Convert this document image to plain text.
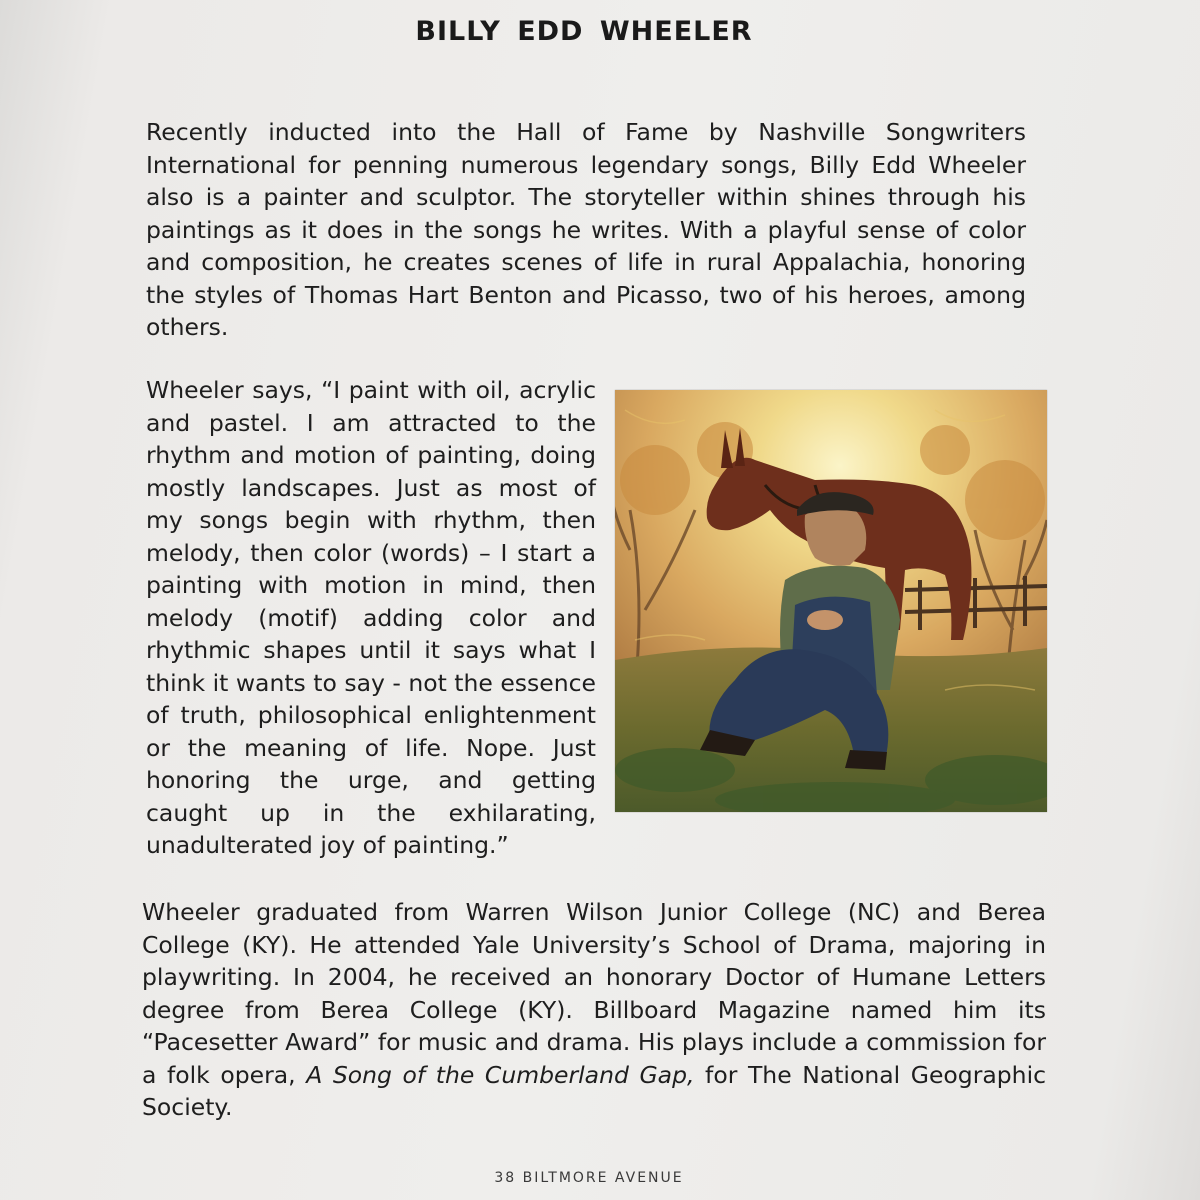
BILLY EDD WHEELER
Recently inducted into the Hall of Fame by Nashville Songwriters International for penning numerous legendary songs, Billy Edd Wheeler also is a painter and sculptor. The storyteller within shines through his paintings as it does in the songs he writes. With a playful sense of color and composition, he creates scenes of life in rural Appalachia, honoring the styles of Thomas Hart Benton and Picasso, two of his heroes, among others.
Wheeler says, “I paint with oil, acrylic and pastel. I am attracted to the rhythm and motion of painting, doing mostly landscapes. Just as most of my songs begin with rhythm, then melody, then color (words) – I start a painting with motion in mind, then melody (motif) adding color and rhythmic shapes until it says what I think it wants to say - not the essence of truth, philosophical enlightenment or the meaning of life. Nope. Just honoring the urge, and getting caught up in the exhilarating, unadulterated joy of painting.”
Wheeler graduated from Warren Wilson Junior College (NC) and Berea College (KY). He attended Yale University’s School of Drama, majoring in playwriting. In 2004, he received an honorary Doctor of Humane Letters degree from Berea College (KY). Billboard Magazine named him its “Pacesetter Award” for music and drama. His plays include a commission for a folk opera, A Song of the Cumberland Gap, for The National Geographic Society.
38 BILTMORE AVENUE
